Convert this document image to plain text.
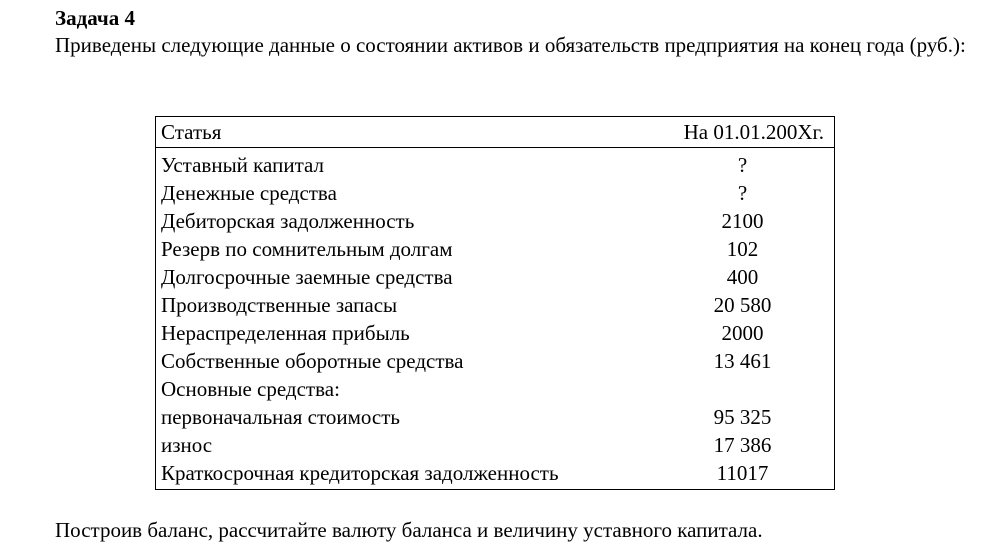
Задача 4
Приведены следующие данные о состоянии активов и обязательств предприятия на конец года (руб.):
Статья	На 01.01.200Хг.
Уставный капитал	?
Денежные средства	?
Дебиторская задолженность	2100
Резерв по сомнительным долгам	102
Долгосрочные заемные средства	400
Производственные запасы	20 580
Нераспределенная прибыль	2000
Собственные оборотные средства	13 461
Основные средства:
первоначальная стоимость	95 325
износ	17 386
Краткосрочная кредиторская задолженность	11017
Построив баланс, рассчитайте валюту баланса и величину уставного капитала.
